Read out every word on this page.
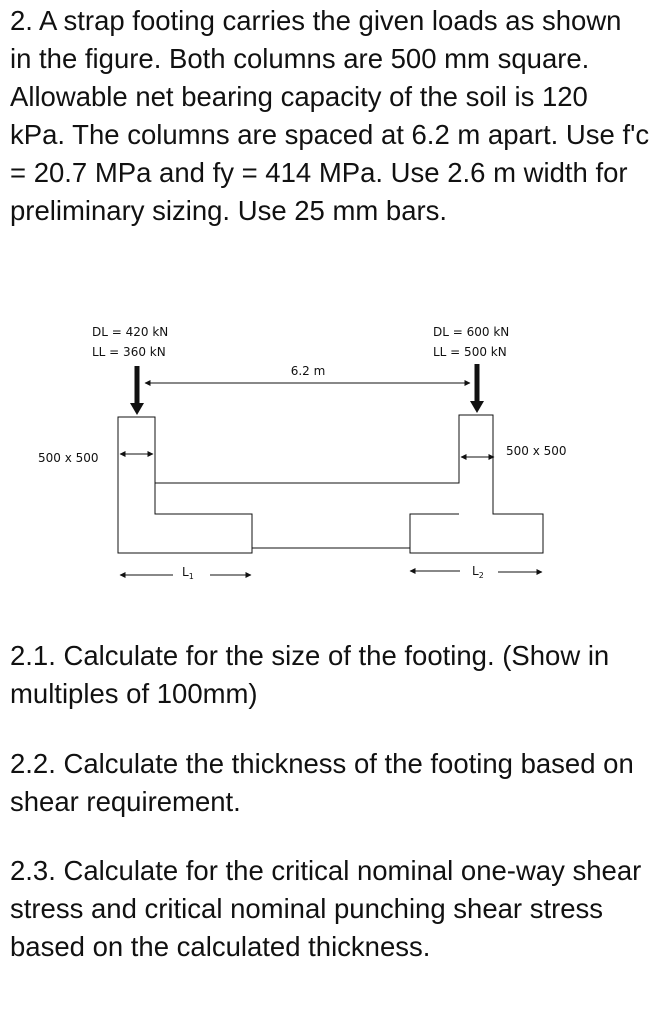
2. A strap footing carries the given loads as shown in the figure. Both columns are 500 mm square. Allowable net bearing capacity of the soil is 120 kPa. The columns are spaced at 6.2 m apart. Use f'c = 20.7 MPa and fy = 414 MPa. Use 2.6 m width for preliminary sizing. Use 25 mm bars.

DL = 420 kN
LL = 360 kN
DL = 600 kN
LL = 500 kN
6.2 m
500 x 500	500 x 500
$L_1$	$L_2$

2.1. Calculate for the size of the footing. (Show in multiples of 100mm)

2.2. Calculate the thickness of the footing based on shear requirement.

2.3. Calculate for the critical nominal one-way shear stress and critical nominal punching shear stress based on the calculated thickness.
